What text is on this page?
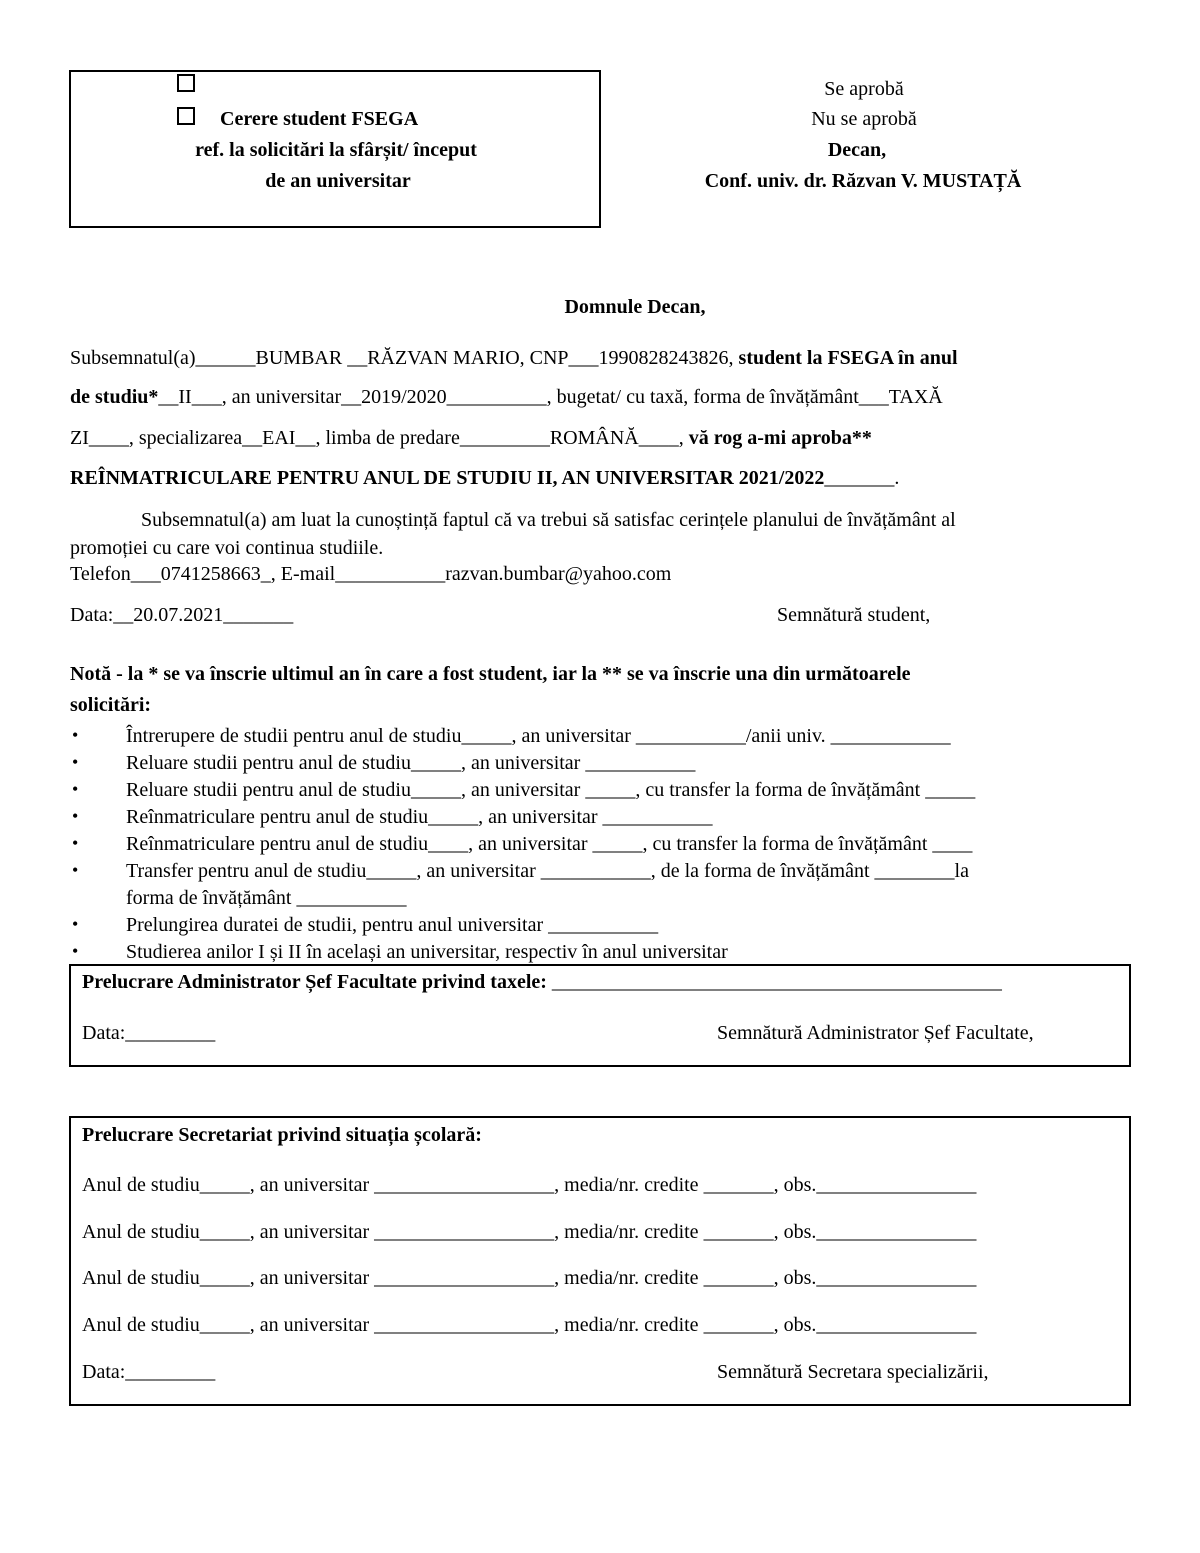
Cerere student FSEGA
ref. la solicitări la sfârșit/ început
de an universitar
Se aprobă
Nu se aprobă
Decan,
Conf. univ. dr. Răzvan V. MUSTAȚĂ
Domnule Decan,
Subsemnatul(a)______BUMBAR __RĂZVAN MARIO, CNP___1990828243826, student la FSEGA în anul
de studiu*__II___, an universitar__2019/2020__________, bugetat/ cu taxă, forma de învățământ___TAXĂ
ZI____, specializarea__EAI__, limba de predare_________ROMÂNĂ____, vă rog a-mi aproba**
REÎNMATRICULARE PENTRU ANUL DE STUDIU II, AN UNIVERSITAR 2021/2022_______.
Subsemnatul(a) am luat la cunoștință faptul că va trebui să satisfac cerințele planului de învățământ al
promoției cu care voi continua studiile.
Telefon___0741258663_, E-mail___________razvan.bumbar@yahoo.com
Data:__20.07.2021_______	Semnătură student,
Notă - la * se va înscrie ultimul an în care a fost student, iar la ** se va înscrie una din următoarele
solicitări:
• Întrerupere de studii pentru anul de studiu_____, an universitar ___________/anii univ. ____________
• Reluare studii pentru anul de studiu_____, an universitar ___________
• Reluare studii pentru anul de studiu_____, an universitar _____, cu transfer la forma de învățământ _____
• Reînmatriculare pentru anul de studiu_____, an universitar ___________
• Reînmatriculare pentru anul de studiu____, an universitar _____, cu transfer la forma de învățământ ____
• Transfer pentru anul de studiu_____, an universitar ___________, de la forma de învățământ ________la
forma de învățământ ___________
• Prelungirea duratei de studii, pentru anul universitar ___________
• Studierea anilor I și II în același an universitar, respectiv în anul universitar
Prelucrare Administrator Șef Facultate privind taxele: _____________________________________________
Data:_________	Semnătură Administrator Șef Facultate,
Prelucrare Secretariat privind situația școlară:
Anul de studiu_____, an universitar __________________, media/nr. credite _______, obs.________________
Anul de studiu_____, an universitar __________________, media/nr. credite _______, obs.________________
Anul de studiu_____, an universitar __________________, media/nr. credite _______, obs.________________
Anul de studiu_____, an universitar __________________, media/nr. credite _______, obs.________________
Data:_________	Semnătură Secretara specializării,
